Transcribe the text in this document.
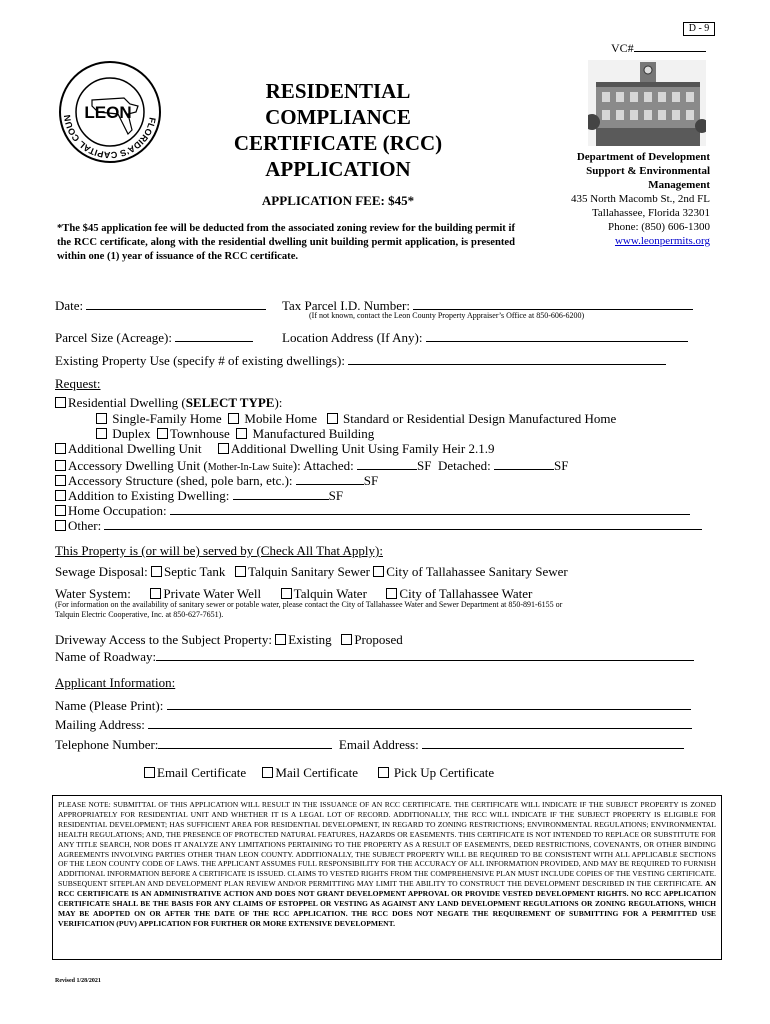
D - 9
VC#
FLORIDA'S CAPITAL COUN LEON
RESIDENTIAL
COMPLIANCE
CERTIFICATE (RCC)
APPLICATION
APPLICATION FEE: $45*
*The $45 application fee will be deducted from the associated zoning review for the building permit if the RCC certificate, along with the residential dwelling unit building permit application, is presented within one (1) year of issuance of the RCC certificate.
Department of Development
Support & Environmental
Management
435 North Macomb St., 2nd FL
Tallahassee, Florida 32301
Phone: (850) 606-1300
www.leonpermits.org
Date:	Tax Parcel I.D. Number:
(If not known, contact the Leon County Property Appraiser’s Office at 850-606-6200)
Parcel Size (Acreage):	Location Address (If Any):
Existing Property Use (specify # of existing dwellings):
Request:
Residential Dwelling (SELECT TYPE):
Single-Family Home Mobile Home Standard or Residential Design Manufactured Home
Duplex Townhouse Manufactured Building
Additional Dwelling Unit Additional Dwelling Unit Using Family Heir 2.1.9
Accessory Dwelling Unit (Mother-In-Law Suite): Attached:	SF Detached:	SF
Accessory Structure (shed, pole barn, etc.):	SF
Addition to Existing Dwelling:	SF
Home Occupation:
Other:
This Property is (or will be) served by (Check All That Apply):
Sewage Disposal: Septic Tank Talquin Sanitary Sewer City of Tallahassee Sanitary Sewer
Water System:	Private Water Well	Talquin Water	City of Tallahassee Water
(For information on the availability of sanitary sewer or potable water, please contact the City of Tallahassee Water and Sewer Department at 850-891-6155 or
Talquin Electric Cooperative, Inc. at 850-627-7651).
Driveway Access to the Subject Property: Existing Proposed
Name of Roadway:
Applicant Information:
Name (Please Print):
Mailing Address:
Telephone Number:	Email Address:
Email Certificate Mail Certificate	Pick Up Certificate
PLEASE NOTE: SUBMITTAL OF THIS APPLICATION WILL RESULT IN THE ISSUANCE OF AN RCC CERTIFICATE. THE CERTIFICATE WILL INDICATE IF THE SUBJECT PROPERTY IS ZONED APPROPRIATELY FOR RESIDENTIAL UNIT AND WHETHER IT IS A LEGAL LOT OF RECORD. ADDITIONALLY, THE RCC WILL INDICATE IF THE SUBJECT PROPERTY IS ELIGIBLE FOR RESIDENTIAL DEVELOPMENT; HAS SUFFICIENT AREA FOR RESIDENTIAL DEVELOPMENT, IN REGARD TO ZONING RESTRICTIONS; ENVIRONMENTAL REGULATIONS; ENVIRONMENTAL HEALTH REGULATIONS; AND, THE PRESENCE OF PROTECTED NATURAL FEATURES, HAZARDS OR EASEMENTS. THIS CERTIFICATE IS NOT INTENDED TO REPLACE OR SUBSTITUTE FOR ANY TITLE SEARCH, NOR DOES IT ANALYZE ANY LIMITATIONS PERTAINING TO THE PROPERTY AS A RESULT OF EASEMENTS, DEED RESTRICTIONS, COVENANTS, OR OTHER BINDING AGREEMENTS INVOLVING PARTIES OTHER THAN LEON COUNTY. ADDITIONALLY, THE SUBJECT PROPERTY WILL BE REQUIRED TO BE CONSISTENT WITH ALL APPLICABLE SECTIONS OF THE LEON COUNTY CODE OF LAWS. THE APPLICANT ASSUMES FULL RESPONSIBILITY FOR THE ACCURACY OF ALL INFORMATION PROVIDED, AND MAY BE REQUIRED TO FURNISH ADDITIONAL INFORMATION BEFORE A CERTIFICATE IS ISSUED. CLAIMS TO VESTED RIGHTS FROM THE COMPREHENSIVE PLAN MUST INCLUDE COPIES OF THE VESTING CERTIFICATE. SUBSEQUENT SITEPLAN AND DEVELOPMENT PLAN REVIEW AND/OR PERMITTING MAY LIMIT THE ABILITY TO CONSTRUCT THE DEVELOPMENT DESCRIBED IN THE CERTIFICATE. AN RCC CERTIFICATE IS AN ADMINISTRATIVE ACTION AND DOES NOT GRANT DEVELOPMENT APPROVAL OR PROVIDE VESTED DEVELOPMENT RIGHTS. NO RCC APPLICATION CERTIFICATE SHALL BE THE BASIS FOR ANY CLAIMS OF ESTOPPEL OR VESTING AS AGAINST ANY LAND DEVELOPMENT REGULATIONS OR ZONING REGULATIONS, WHICH MAY BE ADOPTED ON OR AFTER THE DATE OF THE RCC APPLICATION. THE RCC DOES NOT NEGATE THE REQUIREMENT OF SUBMITTING FOR A PERMITTED USE VERIFICATION (PUV) APPLICATION FOR FURTHER OR MORE EXTENSIVE DEVELOPMENT.
Revised 1/28/2021
